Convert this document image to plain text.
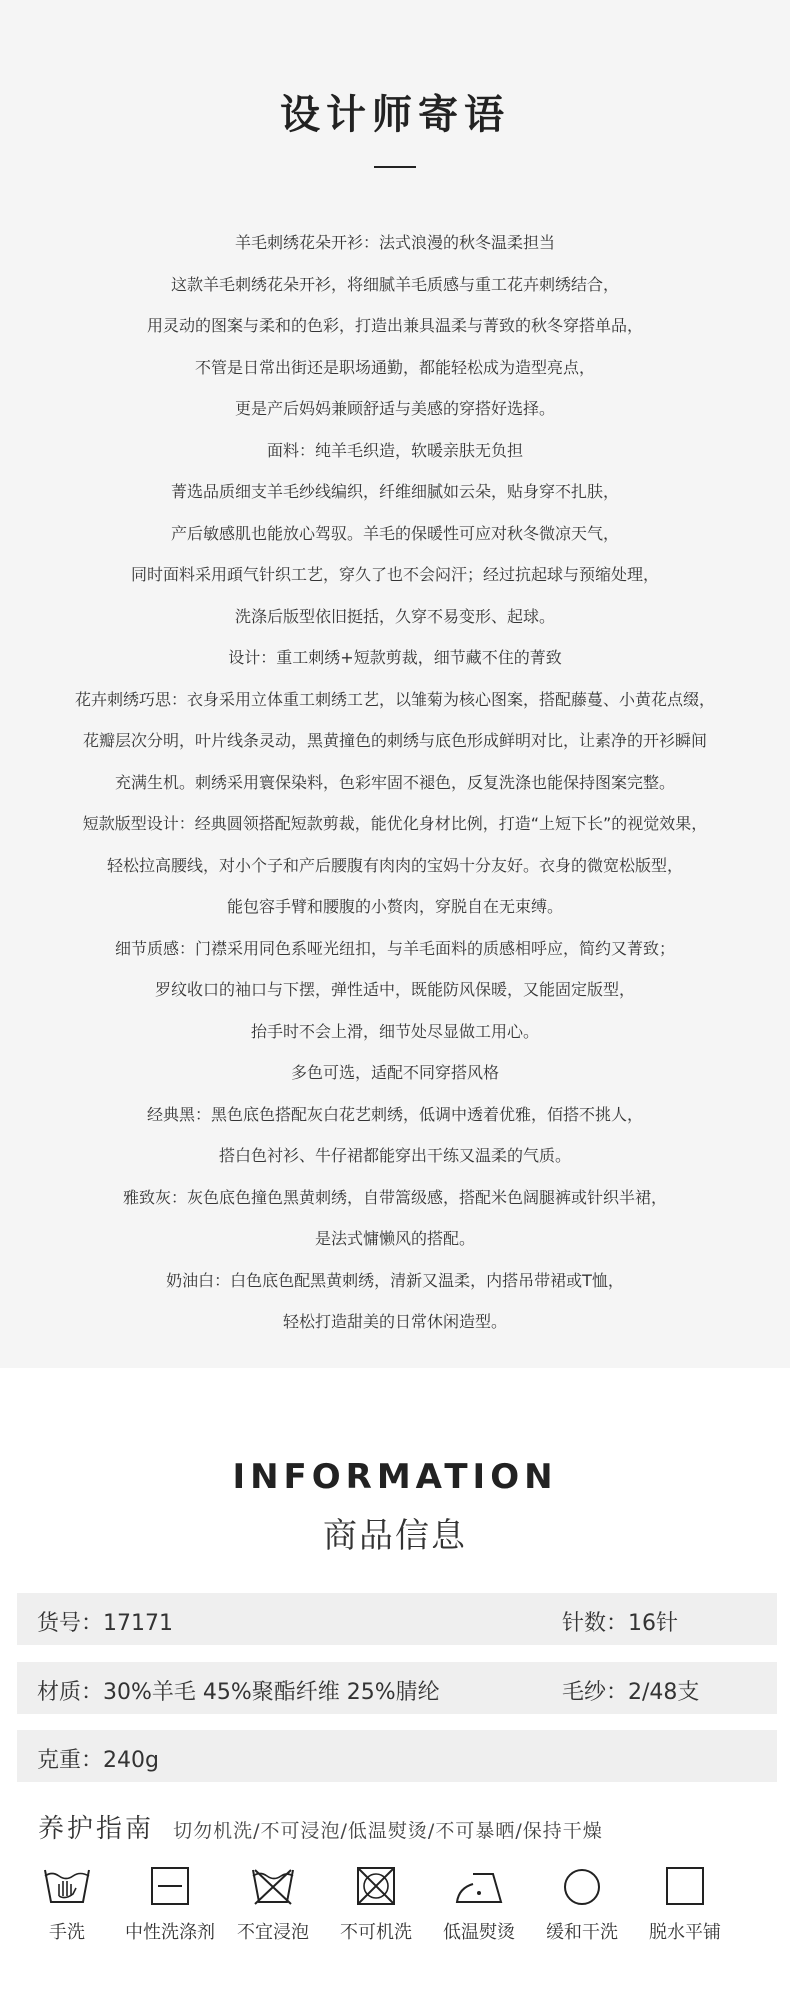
设计师寄语
羊毛刺绣花朵开衫：法式浪漫的秋冬温柔担当
这款羊毛刺绣花朵开衫，将细腻羊毛质感与重工花卉刺绣结合，
用灵动的图案与柔和的色彩，打造出兼具温柔与菁致的秋冬穿搭单品，
不管是日常出街还是职场通勤，都能轻松成为造型亮点，
更是产后妈妈兼顾舒适与美感的穿搭好选择。
面料：纯羊毛织造，软暖亲肤无负担
菁选品质细支羊毛纱线编织，纤维细腻如云朵，贴身穿不扎肤，
产后敏感肌也能放心驾驭。羊毛的保暖性可应对秋冬微凉天气，
同时面料采用頙气针织工艺，穿久了也不会闷汗；经过抗起球与预缩处理，
洗涤后版型依旧挺括，久穿不易变形、起球。
设计：重工刺绣+短款剪裁，细节藏不住的菁致
花卉刺绣巧思：衣身采用立体重工刺绣工艺，以雏菊为核心图案，搭配藤蔓、小黄花点缀，
花瓣层次分明，叶片线条灵动，黑黄撞色的刺绣与底色形成鲜明对比，让素净的开衫瞬间
充满生机。刺绣采用寰保染料，色彩牢固不褪色，反复洗涤也能保持图案完整。
短款版型设计：经典圆领搭配短款剪裁，能优化身材比例，打造“上短下长”的视觉效果，
轻松拉高腰线，对小个子和产后腰腹有肉肉的宝妈十分友好。衣身的微宽松版型，
能包容手臂和腰腹的小赘肉，穿脱自在无束缚。
细节质感：门襟采用同色系哑光纽扣，与羊毛面料的质感相呼应，简约又菁致；
罗纹收口的袖口与下摆，弹性适中，既能防风保暖，又能固定版型，
抬手时不会上滑，细节处尽显做工用心。
多色可选，适配不同穿搭风格
经典黑：黑色底色搭配灰白花艺刺绣，低调中透着优雅，佰搭不挑人，
搭白色衬衫、牛仔裙都能穿出干练又温柔的气质。
雅致灰：灰色底色撞色黑黄刺绣，自带篙级感，搭配米色阔腿裤或针织半裙，
是法式慵懒风的搭配。
奶油白：白色底色配黑黄刺绣，清新又温柔，内搭吊带裙或T恤，
轻松打造甜美的日常休闲造型。
INFORMATION
商品信息
货号：17171	针数：16针
材质：30%羊毛 45%聚酯纤维 25%腈纶	毛纱：2/48支
克重：240g
养护指南 切勿机洗/不可浸泡/低温熨烫/不可暴晒/保持干燥
手洗	中性洗涤剂	不宜浸泡	不可机洗	低温熨烫	缓和干洗	脱水平铺
